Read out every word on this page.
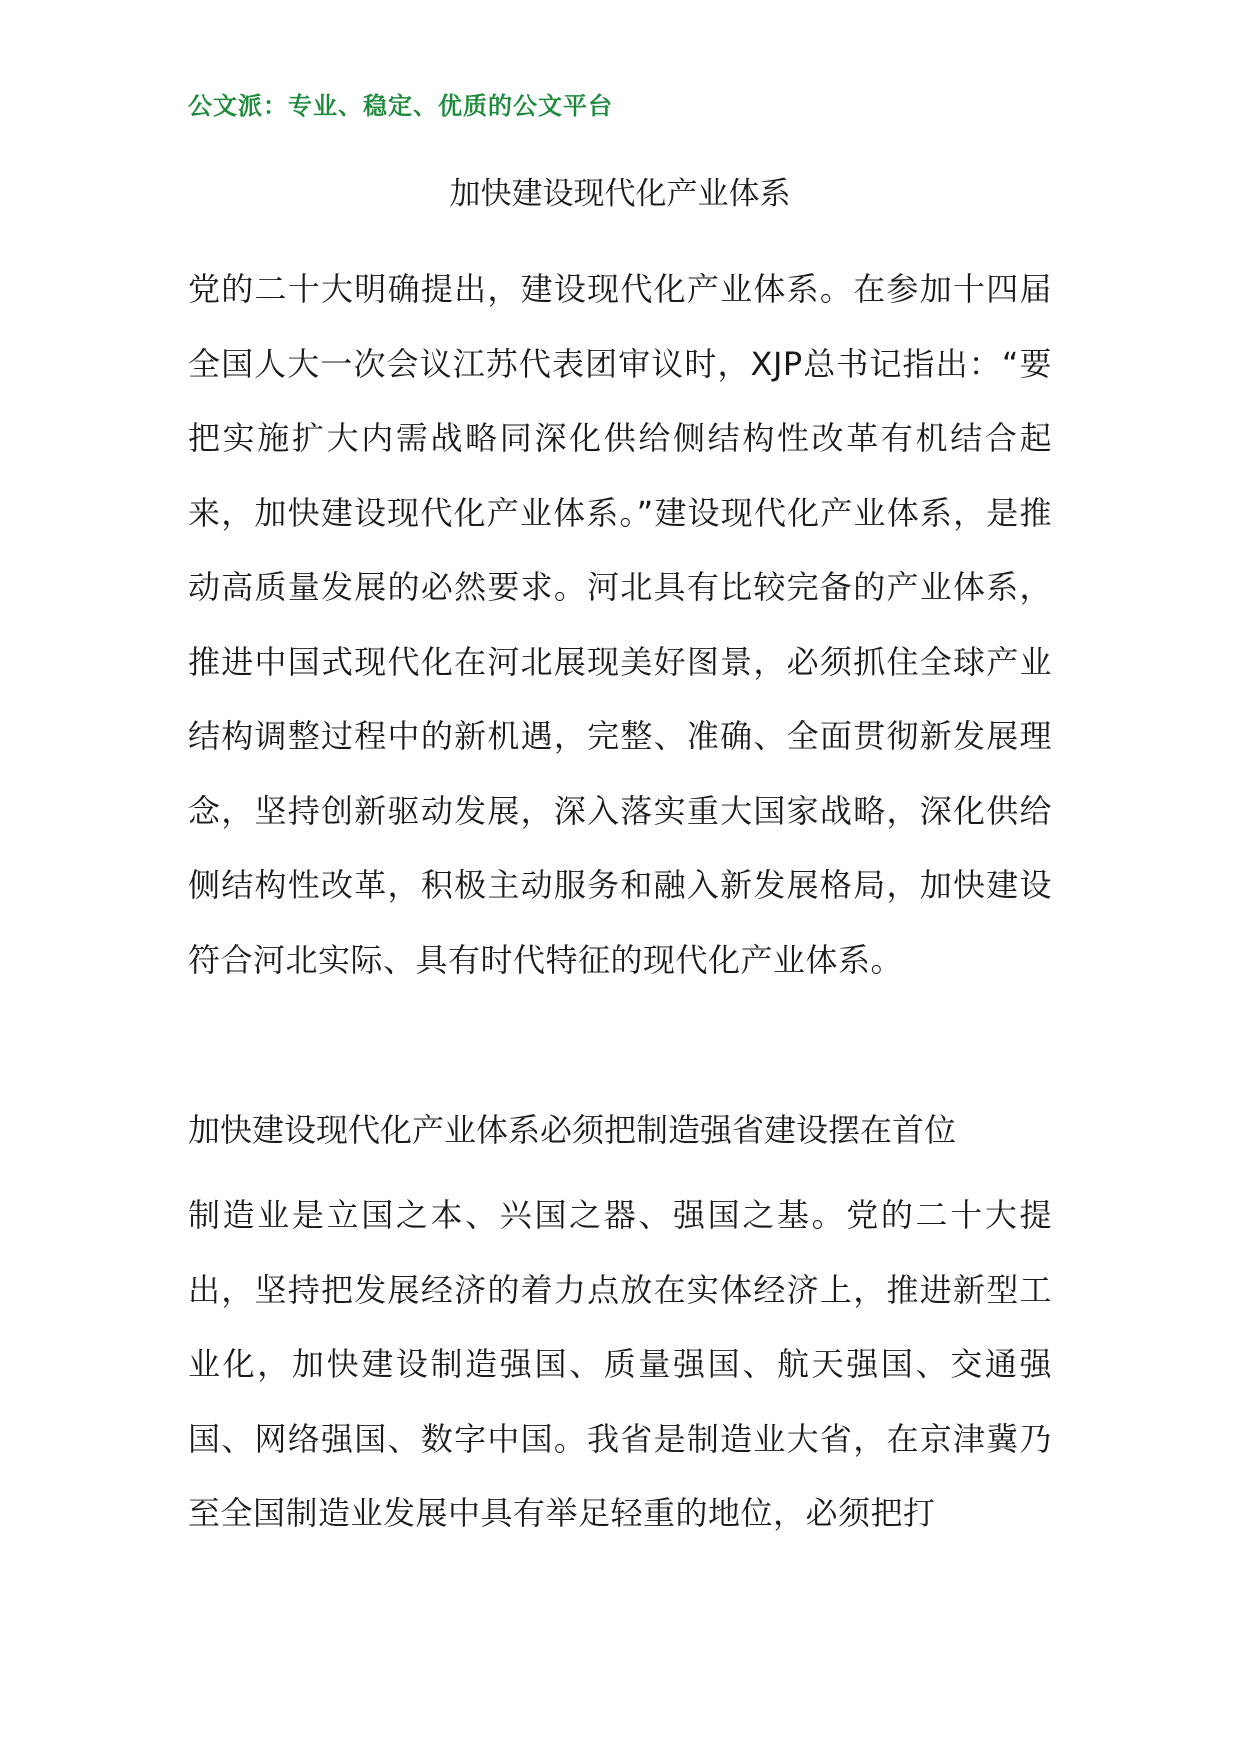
公文派：专业、稳定、优质的公文平台
加快建设现代化产业体系
党的二十大明确提出，建设现代化产业体系。在参加十四届全国人大一次会议江苏代表团审议时，XJP总书记指出：“要把实施扩大内需战略同深化供给侧结构性改革有机结合起来，加快建设现代化产业体系。”建设现代化产业体系，是推动高质量发展的必然要求。河北具有比较完备的产业体系，推进中国式现代化在河北展现美好图景，必须抓住全球产业结构调整过程中的新机遇，完整、准确、全面贯彻新发展理念，坚持创新驱动发展，深入落实重大国家战略，深化供给侧结构性改革，积极主动服务和融入新发展格局，加快建设符合河北实际、具有时代特征的现代化产业体系。
加快建设现代化产业体系必须把制造强省建设摆在首位
制造业是立国之本、兴国之器、强国之基。党的二十大提出，坚持把发展经济的着力点放在实体经济上，推进新型工业化，加快建设制造强国、质量强国、航天强国、交通强国、网络强国、数字中国。我省是制造业大省，在京津冀乃至全国制造业发展中具有举足轻重的地位，必须把打
